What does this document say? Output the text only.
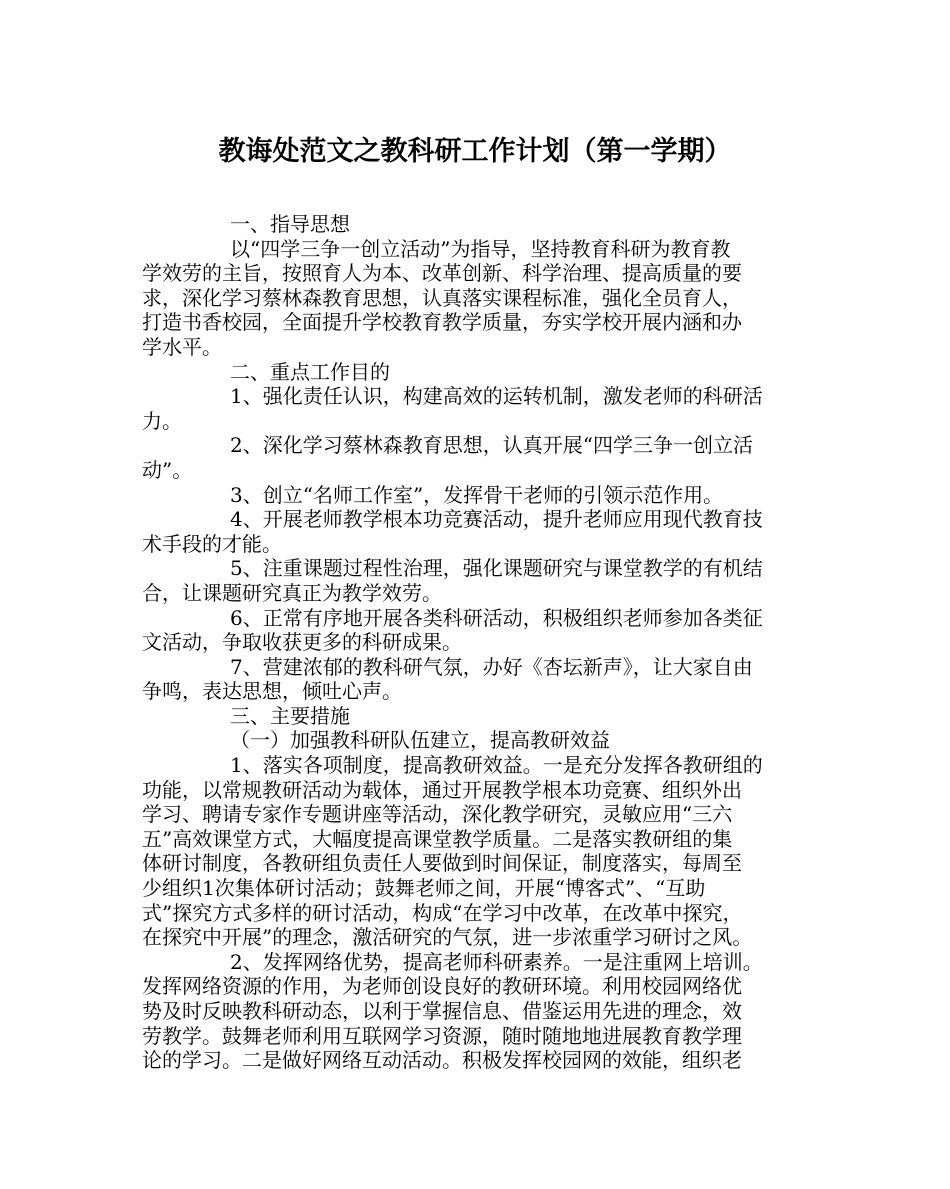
教诲处范文之教科研工作计划（第一学期）
一、指导思想
以“四学三争一创立活动”为指导，坚持教育科研为教育教
学效劳的主旨，按照育人为本、改革创新、科学治理、提高质量的要
求，深化学习蔡林森教育思想，认真落实课程标准，强化全员育人，
打造书香校园，全面提升学校教育教学质量，夯实学校开展内涵和办
学水平。
二、重点工作目的
1、强化责任认识，构建高效的运转机制，激发老师的科研活
力。
2、深化学习蔡林森教育思想，认真开展“四学三争一创立活
动”。
3、创立“名师工作室”，发挥骨干老师的引领示范作用。
4、开展老师教学根本功竞赛活动，提升老师应用现代教育技
术手段的才能。
5、注重课题过程性治理，强化课题研究与课堂教学的有机结
合，让课题研究真正为教学效劳。
6、正常有序地开展各类科研活动，积极组织老师参加各类征
文活动，争取收获更多的科研成果。
7、营建浓郁的教科研气氛，办好《杏坛新声》，让大家自由
争鸣，表达思想，倾吐心声。
三、主要措施
（一）加强教科研队伍建立，提高教研效益
1、落实各项制度，提高教研效益。一是充分发挥各教研组的
功能，以常规教研活动为载体，通过开展教学根本功竞赛、组织外出
学习、聘请专家作专题讲座等活动，深化教学研究，灵敏应用“三六
五”高效课堂方式，大幅度提高课堂教学质量。二是落实教研组的集
体研讨制度，各教研组负责任人要做到时间保证，制度落实，每周至
少组织1次集体研讨活动；鼓舞老师之间，开展“博客式”、“互助
式”探究方式多样的研讨活动，构成“在学习中改革，在改革中探究，
在探究中开展”的理念，激活研究的气氛，进一步浓重学习研讨之风。
2、发挥网络优势，提高老师科研素养。一是注重网上培训。
发挥网络资源的作用，为老师创设良好的教研环境。利用校园网络优
势及时反映教科研动态，以利于掌握信息、借鉴运用先进的理念，效
劳教学。鼓舞老师利用互联网学习资源，随时随地地进展教育教学理
论的学习。二是做好网络互动活动。积极发挥校园网的效能，组织老
